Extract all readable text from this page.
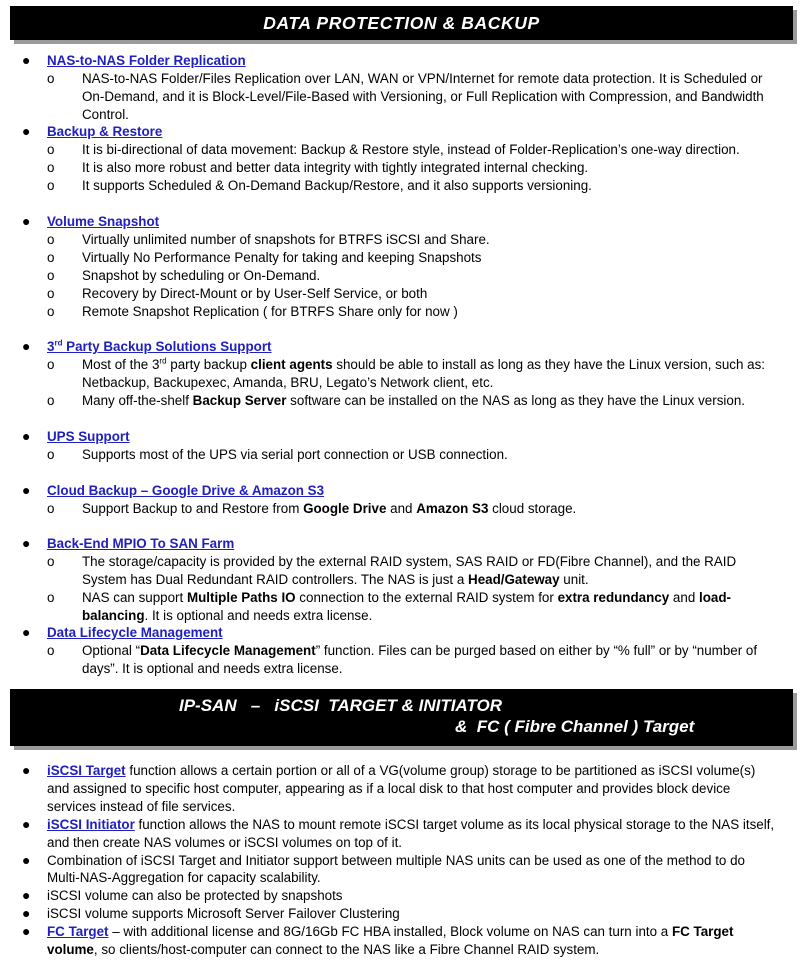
DATA PROTECTION & BACKUP
● NAS-to-NAS Folder Replication
o NAS-to-NAS Folder/Files Replication over LAN, WAN or VPN/Internet for remote data protection. It is Scheduled or On-Demand, and it is Block-Level/File-Based with Versioning, or Full Replication with Compression, and Bandwidth Control.
● Backup & Restore
o It is bi-directional of data movement: Backup & Restore style, instead of Folder-Replication’s one-way direction.
o It is also more robust and better data integrity with tightly integrated internal checking.
o It supports Scheduled & On-Demand Backup/Restore, and it also supports versioning.
● Volume Snapshot
o Virtually unlimited number of snapshots for BTRFS iSCSI and Share.
o Virtually No Performance Penalty for taking and keeping Snapshots
o Snapshot by scheduling or On-Demand.
o Recovery by Direct-Mount or by User-Self Service, or both
o Remote Snapshot Replication ( for BTRFS Share only for now )
● 3rd Party Backup Solutions Support
o Most of the 3rd party backup client agents should be able to install as long as they have the Linux version, such as: Netbackup, Backupexec, Amanda, BRU, Legato’s Network client, etc.
o Many off-the-shelf Backup Server software can be installed on the NAS as long as they have the Linux version.
● UPS Support
o Supports most of the UPS via serial port connection or USB connection.
● Cloud Backup – Google Drive & Amazon S3
o Support Backup to and Restore from Google Drive and Amazon S3 cloud storage.
● Back-End MPIO To SAN Farm
o The storage/capacity is provided by the external RAID system, SAS RAID or FD(Fibre Channel), and the RAID System has Dual Redundant RAID controllers. The NAS is just a Head/Gateway unit.
o NAS can support Multiple Paths IO connection to the external RAID system for extra redundancy and load-balancing. It is optional and needs extra license.
● Data Lifecycle Management
o Optional “Data Lifecycle Management” function. Files can be purged based on either by “% full” or by “number of days”. It is optional and needs extra license.
IP-SAN   –   iSCSI  TARGET & INITIATOR
&  FC ( Fibre Channel ) Target
● iSCSI Target function allows a certain portion or all of a VG(volume group) storage to be partitioned as iSCSI volume(s) and assigned to specific host computer, appearing as if a local disk to that host computer and provides block device services instead of file services.
● iSCSI Initiator function allows the NAS to mount remote iSCSI target volume as its local physical storage to the NAS itself, and then create NAS volumes or iSCSI volumes on top of it.
● Combination of iSCSI Target and Initiator support between multiple NAS units can be used as one of the method to do Multi-NAS-Aggregation for capacity scalability.
● iSCSI volume can also be protected by snapshots
● iSCSI volume supports Microsoft Server Failover Clustering
● FC Target – with additional license and 8G/16Gb FC HBA installed, Block volume on NAS can turn into a FC Target volume, so clients/host-computer can connect to the NAS like a Fibre Channel RAID system.
